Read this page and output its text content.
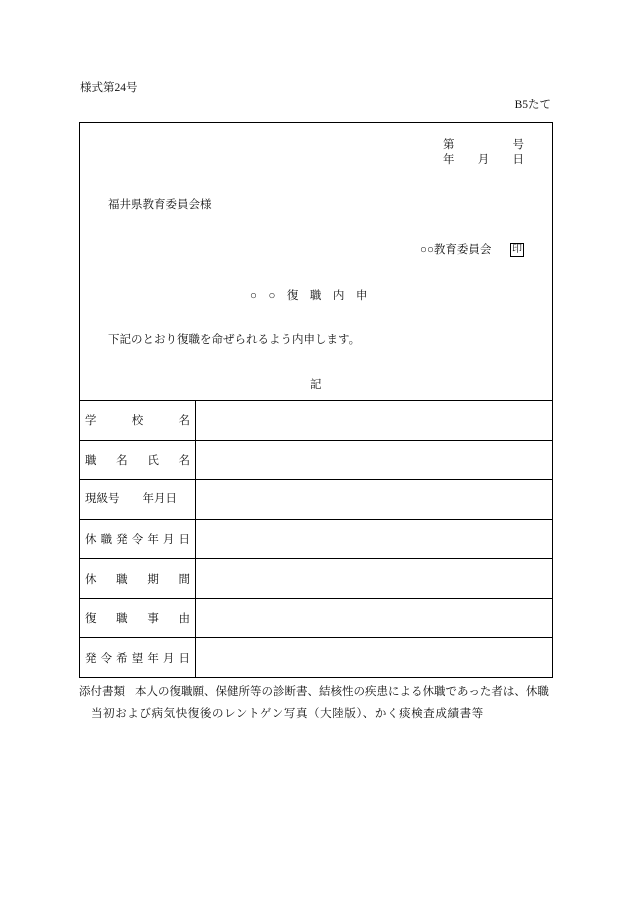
様式第24号
B5たて
第

　	号
年

　 月

　 日
福井県教育委員会様
○○教育委員会 印
○　○　復　職　内　申
下記のとおり復職を命ぜられるよう内申します。
記
学	校	名
職 名 氏 名
現級号　　年月日
休 職 発 令 年 月 日
休 職 期 間
復 職 事 由
発 令 希 望 年 月 日
添付書類 本人の復職願、保健所等の診断書、結核性の疾患による休職であった者は、休職
当初および病気快復後のレントゲン写真（大陸版）、かく痰検査成績書等
